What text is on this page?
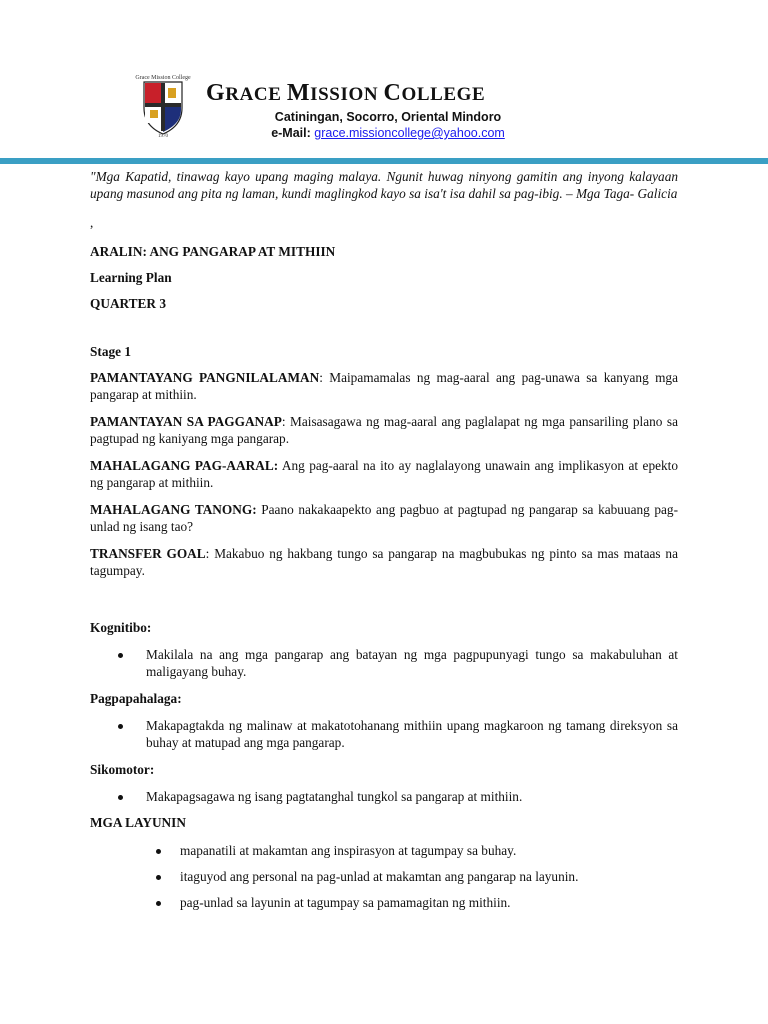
Grace Mission College
1970
GRACE MISSION COLLEGE
Catiningan, Socorro, Oriental Mindoro
e-Mail: grace.missioncollege@yahoo.com

"Mga Kapatid, tinawag kayo upang maging malaya. Ngunit huwag ninyong gamitin ang inyong kalayaan upang masunod ang pita ng laman, kundi maglingkod kayo sa isa't isa dahil sa pag-ibig. – Mga Taga- Galicia

,

ARALIN: ANG PANGARAP AT MITHIIN

Learning Plan

QUARTER 3

Stage 1

PAMANTAYANG PANGNILALAMAN: Maipamamalas ng mag-aaral ang pag-unawa sa kanyang mga pangarap at mithiin.

PAMANTAYAN SA PAGGANAP: Maisasagawa ng mag-aaral ang paglalapat ng mga pansariling plano sa pagtupad ng kaniyang mga pangarap.

MAHALAGANG PAG-AARAL: Ang pag-aaral na ito ay naglalayong unawain ang implikasyon at epekto ng pangarap at mithiin.

MAHALAGANG TANONG: Paano nakakaapekto ang pagbuo at pagtupad ng pangarap sa kabuuang pag-unlad ng isang tao?

TRANSFER GOAL: Makabuo ng hakbang tungo sa pangarap na magbubukas ng pinto sa mas mataas na tagumpay.

Kognitibo:

Makilala na ang mga pangarap ang batayan ng mga pagpupunyagi tungo sa makabuluhan at maligayang buhay.

Pagpapahalaga:

Makapagtakda ng malinaw at makatotohanang mithiin upang magkaroon ng tamang direksyon sa buhay at matupad ang mga pangarap.

Sikomotor:

Makapagsagawa ng isang pagtatanghal tungkol sa pangarap at mithiin.

MGA LAYUNIN

mapanatili at makamtan ang inspirasyon at tagumpay sa buhay.
itaguyod ang personal na pag-unlad at makamtan ang pangarap na layunin.
pag-unlad sa layunin at tagumpay sa pamamagitan ng mithiin.
